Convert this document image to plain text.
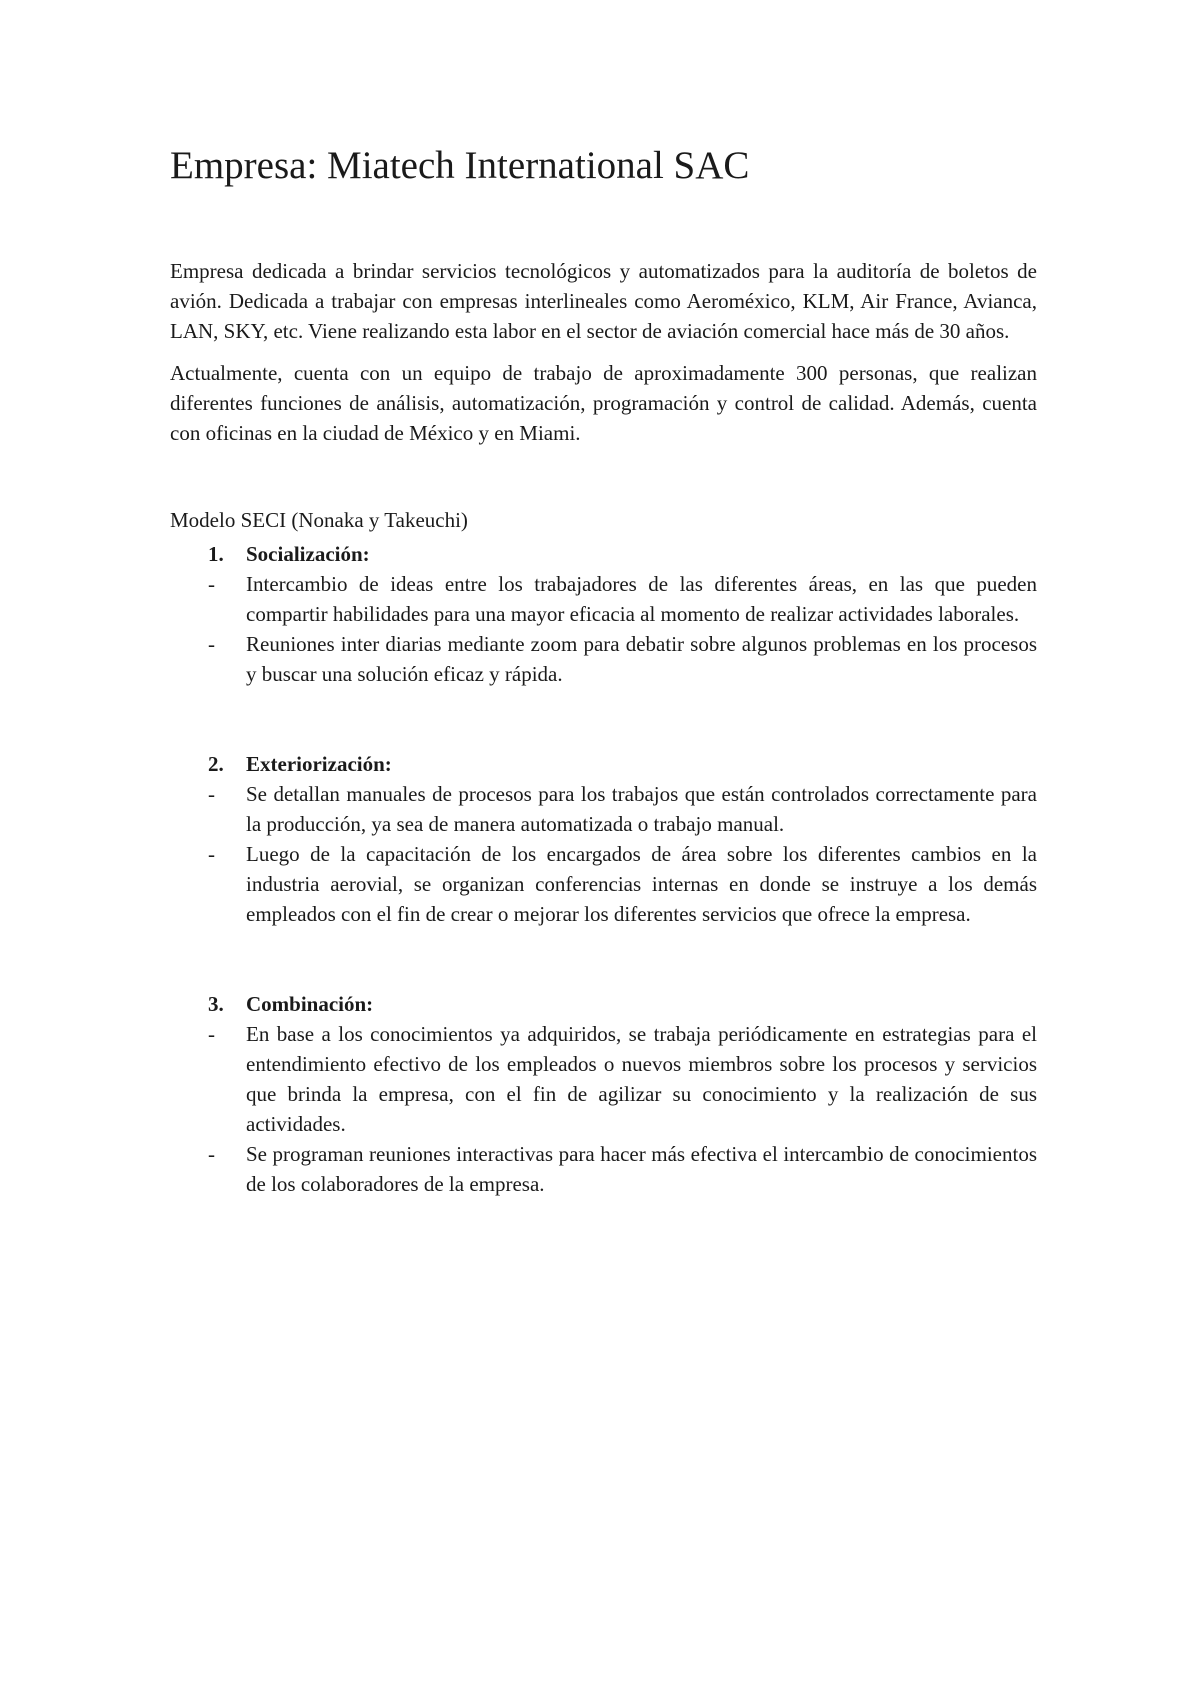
Empresa: Miatech International SAC

Empresa dedicada a brindar servicios tecnológicos y automatizados para la auditoría de boletos de avión. Dedicada a trabajar con empresas interlineales como Aeroméxico, KLM, Air France, Avianca, LAN, SKY, etc. Viene realizando esta labor en el sector de aviación comercial hace más de 30 años.

Actualmente, cuenta con un equipo de trabajo de aproximadamente 300 personas, que realizan diferentes funciones de análisis, automatización, programación y control de calidad. Además, cuenta con oficinas en la ciudad de México y en Miami.

Modelo SECI (Nonaka y Takeuchi)

1.	Socialización:
-	Intercambio de ideas entre los trabajadores de las diferentes áreas, en las que pueden compartir habilidades para una mayor eficacia al momento de realizar actividades laborales.
-	Reuniones inter diarias mediante zoom para debatir sobre algunos problemas en los procesos y buscar una solución eficaz y rápida.
2.	Exteriorización:
-	Se detallan manuales de procesos para los trabajos que están controlados correctamente para la producción, ya sea de manera automatizada o trabajo manual.
-	Luego de la capacitación de los encargados de área sobre los diferentes cambios en la industria aerovial, se organizan conferencias internas en donde se instruye a los demás empleados con el fin de crear o mejorar los diferentes servicios que ofrece la empresa.
3.	Combinación:
-	En base a los conocimientos ya adquiridos, se trabaja periódicamente en estrategias para el entendimiento efectivo de los empleados o nuevos miembros sobre los procesos y servicios que brinda la empresa, con el fin de agilizar su conocimiento y la realización de sus actividades.
-	Se programan reuniones interactivas para hacer más efectiva el intercambio de conocimientos de los colaboradores de la empresa.
